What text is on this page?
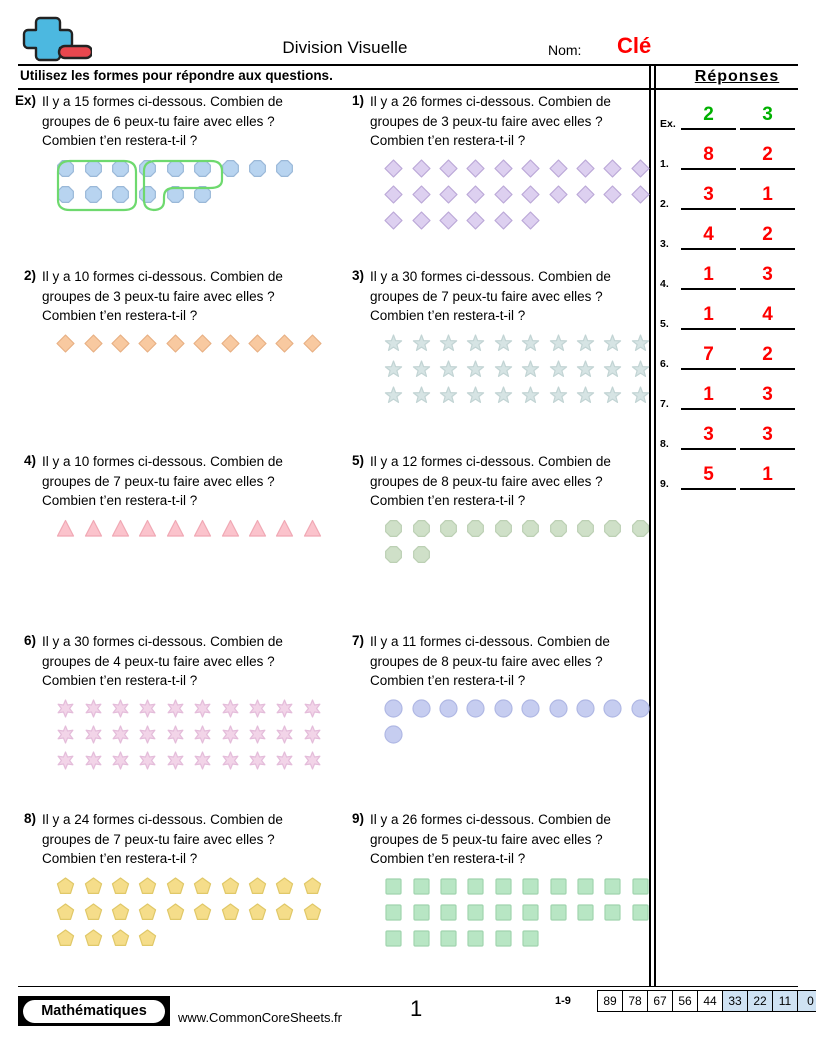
Division Visuelle	Nom: Clé
Utilisez les formes pour répondre aux questions.	Réponses
Ex) Il y a 15 formes ci-dessous. Combien de groupes de 6 peux-tu faire avec elles ? Combien t’en restera-t-il ?
1) Il y a 26 formes ci-dessous. Combien de groupes de 3 peux-tu faire avec elles ? Combien t’en restera-t-il ?
2) Il y a 10 formes ci-dessous. Combien de groupes de 3 peux-tu faire avec elles ? Combien t’en restera-t-il ?
3) Il y a 30 formes ci-dessous. Combien de groupes de 7 peux-tu faire avec elles ? Combien t’en restera-t-il ?
4) Il y a 10 formes ci-dessous. Combien de groupes de 7 peux-tu faire avec elles ? Combien t’en restera-t-il ?
5) Il y a 12 formes ci-dessous. Combien de groupes de 8 peux-tu faire avec elles ? Combien t’en restera-t-il ?
6) Il y a 30 formes ci-dessous. Combien de groupes de 4 peux-tu faire avec elles ? Combien t’en restera-t-il ?
7) Il y a 11 formes ci-dessous. Combien de groupes de 8 peux-tu faire avec elles ? Combien t’en restera-t-il ?
8) Il y a 24 formes ci-dessous. Combien de groupes de 7 peux-tu faire avec elles ? Combien t’en restera-t-il ?
9) Il y a 26 formes ci-dessous. Combien de groupes de 5 peux-tu faire avec elles ? Combien t’en restera-t-il ?
Ex.	2	3
1.	8	2
2.	3	1
3.	4	2
4.	1	3
5.	1	4
6.	7	2
7.	1	3
8.	3	3
9.	5	1
Mathématiques	www.CommonCoreSheets.fr	1	1-9	89 78 67 56 44 33 22	11	0
